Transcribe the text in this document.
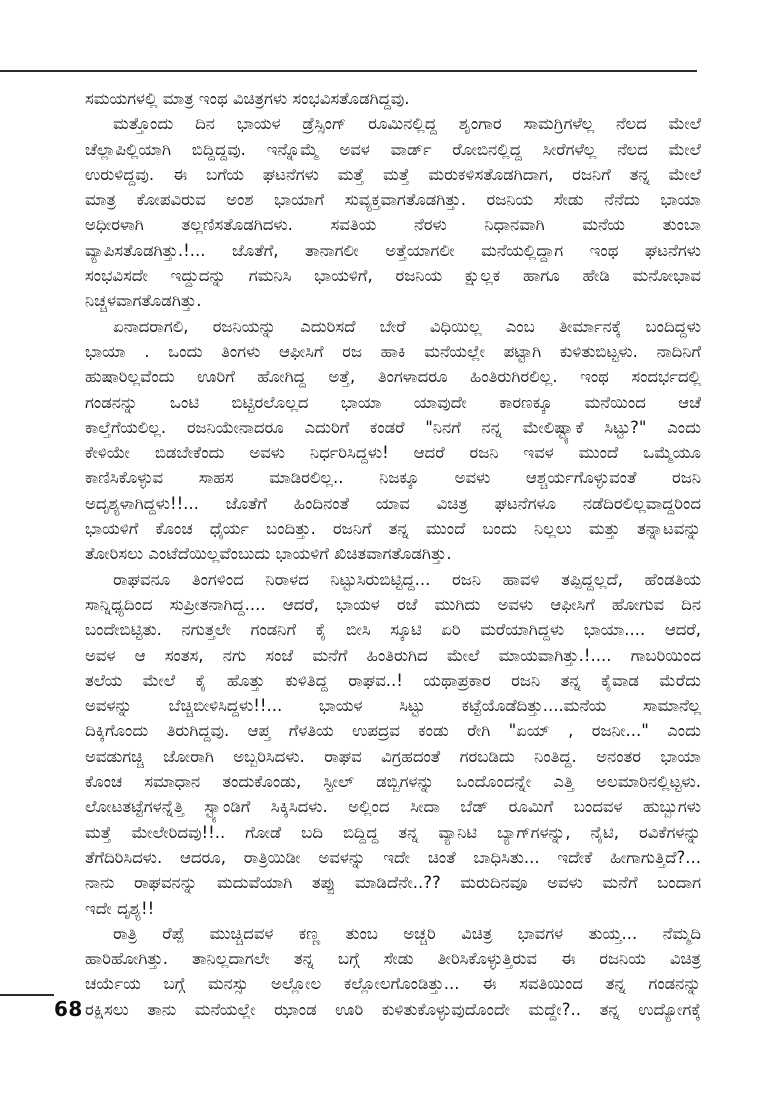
ಸಮಯಗಳಲ್ಲಿ ಮಾತ್ರ ಇಂಥ ವಿಚಿತ್ರಗಳು ಸಂಭವಿಸತೊಡಗಿದ್ದವು.
ಮತ್ತೊಂದು ದಿನ ಭಾಯಳ ಡ್ರೆಸ್ಸಿಂಗ್ ರೂಮಿನಲ್ಲಿದ್ದ ಶೃಂಗಾರ ಸಾಮಗ್ರಿಗಳೆಲ್ಲ ನೆಲದ ಮೇಲೆ
ಚೆಲ್ಲಾಪಿಲ್ಲಿಯಾಗಿ ಬಿದ್ದಿದ್ದವು. ಇನ್ನೊಮ್ಮೆ ಅವಳ ವಾರ್ಡ್ ರೋಬಿನಲ್ಲಿದ್ದ ಸೀರೆಗಳೆಲ್ಲ ನೆಲದ ಮೇಲೆ
ಉರುಳಿದ್ದವು. ಈ ಬಗೆಯ ಘಟನೆಗಳು ಮತ್ತೆ ಮತ್ತೆ ಮರುಕಳಿಸತೊಡಗಿದಾಗ, ರಜನಿಗೆ ತನ್ನ ಮೇಲೆ
ಮಾತ್ರ ಕೋಪವಿರುವ ಅಂಶ ಭಾಯಾಗೆ ಸುವ್ಯಕ್ತವಾಗತೊಡಗಿತ್ತು. ರಜನಿಯ ಸೇಡು ನೆನೆದು ಭಾಯಾ
ಅಧೀರಳಾಗಿ ತಲ್ಲಣಿಸತೊಡಗಿದಳು. ಸವತಿಯ ನೆರಳು ನಿಧಾನವಾಗಿ ಮನೆಯ ತುಂಬಾ
ವ್ಯಾಪಿಸತೊಡಗಿತ್ತು.!... ಜೊತೆಗೆ, ತಾನಾಗಲೀ ಅತ್ತೆಯಾಗಲೀ ಮನೆಯಲ್ಲಿದ್ದಾಗ ಇಂಥ ಘಟನೆಗಳು
ಸಂಭವಿಸದೇ ಇದ್ದುದನ್ನು ಗಮನಿಸಿ ಭಾಯಳಿಗೆ, ರಜನಿಯ ಕ್ಷುಲ್ಲಕ ಹಾಗೂ ಹೇಡಿ ಮನೋಭಾವ
ನಿಚ್ಚಳವಾಗತೊಡಗಿತ್ತು.
ಏನಾದರಾಗಲಿ, ರಜನಿಯನ್ನು ಎದುರಿಸದೆ ಬೇರೆ ವಿಧಿಯಿಲ್ಲ ಎಂಬ ತೀರ್ಮಾನಕ್ಕೆ ಬಂದಿದ್ದಳು
ಭಾಯಾ . ಒಂದು ತಿಂಗಳು ಆಫೀಸಿಗೆ ರಜ ಹಾಕಿ ಮನೆಯಲ್ಲೇ ಪಟ್ಟಾಗಿ ಕುಳಿತುಬಿಟ್ಟಳು. ನಾದಿನಿಗೆ
ಹುಷಾರಿಲ್ಲವೆಂದು ಊರಿಗೆ ಹೋಗಿದ್ದ ಅತ್ತೆ, ತಿಂಗಳಾದರೂ ಹಿಂತಿರುಗಿರಲಿಲ್ಲ. ಇಂಥ ಸಂದರ್ಭದಲ್ಲಿ
ಗಂಡನನ್ನು ಒಂಟಿ ಬಿಟ್ಟಿರಲೊಲ್ಲದ ಭಾಯಾ ಯಾವುದೇ ಕಾರಣಕ್ಕೂ ಮನೆಯಿಂದ ಆಚೆ
ಕಾಲ್ತೆಗೆಯಲಿಲ್ಲ. ರಜನಿಯೇನಾದರೂ ಎದುರಿಗೆ ಕಂಡರೆ "ನಿನಗೆ ನನ್ನ ಮೇಲಿಷ್ಟ್ಯಾಕೆ ಸಿಟ್ಟು?" ಎಂದು
ಕೇಳಿಯೇ ಬಿಡಬೇಕೆಂದು ಅವಳು ನಿರ್ಧರಿಸಿದ್ದಳು! ಆದರೆ ರಜನಿ ಇವಳ ಮುಂದೆ ಒಮ್ಮೆಯೂ
ಕಾಣಿಸಿಕೊಳ್ಳುವ ಸಾಹಸ ಮಾಡಿರಲಿಲ್ಲ.. ನಿಜಕ್ಕೂ ಅವಳು ಆಶ್ಚರ್ಯಗೊಳ್ಳುವಂತೆ ರಜನಿ
ಅದೃಶ್ಯಳಾಗಿದ್ದಳು!!... ಜೊತೆಗೆ ಹಿಂದಿನಂತೆ ಯಾವ ವಿಚಿತ್ರ ಘಟನೆಗಳೂ ನಡೆದಿರಲಿಲ್ಲವಾದ್ದರಿಂದ
ಭಾಯಳಿಗೆ ಕೊಂಚ ಧೈರ್ಯ ಬಂದಿತ್ತು. ರಜನಿಗೆ ತನ್ನ ಮುಂದೆ ಬಂದು ನಿಲ್ಲಲು ಮತ್ತು ತನ್ನಾಟವನ್ನು
ತೋರಿಸಲು ಎಂಟೆದೆಯಿಲ್ಲವೆಂಬುದು ಭಾಯಳಿಗೆ ಖಿಚಿತವಾಗತೊಡಗಿತ್ತು.
ರಾಘವನೂ ತಿಂಗಳಿಂದ ನಿರಾಳದ ನಿಟ್ಟುಸಿರುಬಿಟ್ಟಿದ್ದ... ರಜನಿ ಹಾವಳಿ ತಪ್ಪಿದ್ದಲ್ಲದೆ, ಹೆಂಡತಿಯ
ಸಾನ್ನಿಧ್ಯದಿಂದ ಸುಪ್ರೀತನಾಗಿದ್ದ.... ಆದರೆ, ಭಾಯಳ ರಜೆ ಮುಗಿದು ಅವಳು ಆಫೀಸಿಗೆ ಹೋಗುವ ದಿನ
ಬಂದೇಬಿಟ್ಟಿತು. ನಗುತ್ತಲೇ ಗಂಡನಿಗೆ ಕೈ ಬೀಸಿ ಸ್ಕೂಟಿ ಏರಿ ಮರೆಯಾಗಿದ್ದಳು ಭಾಯಾ.... ಆದರೆ,
ಅವಳ ಆ ಸಂತಸ, ನಗು ಸಂಜೆ ಮನೆಗೆ ಹಿಂತಿರುಗಿದ ಮೇಲೆ ಮಾಯವಾಗಿತ್ತು.!.... ಗಾಬರಿಯಿಂದ
ತಲೆಯ ಮೇಲೆ ಕೈ ಹೊತ್ತು ಕುಳಿತಿದ್ದ ರಾಘವ..! ಯಥಾಪ್ರಕಾರ ರಜನಿ ತನ್ನ ಕೈವಾಡ ಮೆರೆದು
ಅವಳನ್ನು ಬೆಚ್ಚಿಬೀಳಿಸಿದ್ದಳು!!... ಭಾಯಳ ಸಿಟ್ಟು ಕಟ್ಟೆಯೊಡೆದಿತ್ತು....ಮನೆಯ ಸಾಮಾನೆಲ್ಲ
ದಿಕ್ಕಿಗೊಂದು ತಿರುಗಿದ್ದವು. ಆಪ್ತ ಗೆಳತಿಯ ಉಪದ್ರವ ಕಂಡು ರೇಗಿ "ಏಯ್ , ರಜನೀ..." ಎಂದು
ಅವಡುಗಚ್ಚಿ ಜೋರಾಗಿ ಅಬ್ಬರಿಸಿದಳು. ರಾಘವ ವಿಗ್ರಹದಂತೆ ಗರಬಡಿದು ನಿಂತಿದ್ದ. ಅನಂತರ ಭಾಯಾ
ಕೊಂಚ ಸಮಾಧಾನ ತಂದುಕೊಂಡು, ಸ್ಟೀಲ್ ಡಬ್ಬಿಗಳನ್ನು ಒಂದೊಂದನ್ನೇ ಎತ್ತಿ ಅಲಮಾರಿನಲ್ಲಿಟ್ಟಳು.
ಲೋಟತಟ್ಟೆಗಳನ್ನೆತ್ತಿ ಸ್ಟ್ಯಾಂಡಿಗೆ ಸಿಕ್ಕಿಸಿದಳು. ಅಲ್ಲಿಂದ ಸೀದಾ ಬೆಡ್ ರೂಮಿಗೆ ಬಂದವಳ ಹುಬ್ಬುಗಳು
ಮತ್ತೆ ಮೇಲೇರಿದವು!!.. ಗೋಡೆ ಬದಿ ಬಿದ್ದಿದ್ದ ತನ್ನ ವ್ಯಾನಿಟಿ ಬ್ಯಾಗ್‌ಗಳನ್ನು, ನೈಟಿ, ರವಿಕೆಗಳನ್ನು
ತೆಗೆದಿರಿಸಿದಳು. ಆದರೂ, ರಾತ್ರಿಯಿಡೀ ಅವಳನ್ನು ಇದೇ ಚಿಂತೆ ಬಾಧಿಸಿತು... ಇದೇಕೆ ಹೀಗಾಗುತ್ತಿದೆ?...
ನಾನು ರಾಘವನನ್ನು ಮದುವೆಯಾಗಿ ತಪ್ಪು ಮಾಡಿದೆನೇ..?? ಮರುದಿನವೂ ಅವಳು ಮನೆಗೆ ಬಂದಾಗ
ಇದೇ ದೃಶ್ಯ!!
ರಾತ್ರಿ ರೆಪ್ಪೆ ಮುಚ್ಚಿದವಳ ಕಣ್ಣ ತುಂಬ ಅಚ್ಚರಿ ವಿಚಿತ್ರ ಭಾವಗಳ ತುಯ್ತ... ನೆಮ್ಮದಿ
ಹಾರಿಹೋಗಿತ್ತು. ತಾನಿಲ್ಲದಾಗಲೇ ತನ್ನ ಬಗ್ಗೆ ಸೇಡು ತೀರಿಸಿಕೊಳ್ಳುತ್ತಿರುವ ಈ ರಜನಿಯ ವಿಚಿತ್ರ
ಚರ್ಯೆಯ ಬಗ್ಗೆ ಮನಸ್ಸು ಅಲ್ಲೋಲ ಕಲ್ಲೋಲಗೊಂಡಿತ್ತು... ಈ ಸವತಿಯಿಂದ ತನ್ನ ಗಂಡನನ್ನು
ರಕ್ಷಿಸಲು ತಾನು ಮನೆಯಲ್ಲೇ ಝಾಂಡ ಊರಿ ಕುಳಿತುಕೊಳ್ಳುವುದೊಂದೇ ಮದ್ದೇ?.. ತನ್ನ ಉದ್ಯೋಗಕ್ಕೆ
68
